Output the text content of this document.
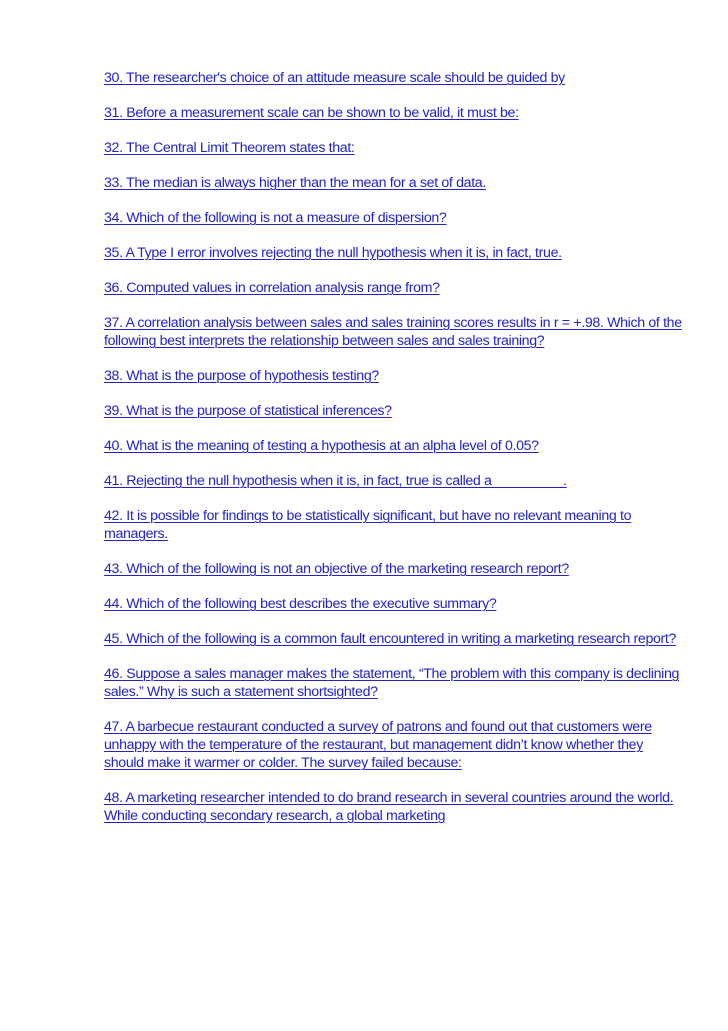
30. The researcher's choice of an attitude measure scale should be guided by
31. Before a measurement scale can be shown to be valid, it must be:
32. The Central Limit Theorem states that:
33. The median is always higher than the mean for a set of data.
34. Which of the following is not a measure of dispersion?
35. A Type I error involves rejecting the null hypothesis when it is, in fact, true.
36. Computed values in correlation analysis range from?
37. A correlation analysis between sales and sales training scores results in r = +.98. Which of the following best interprets the relationship between sales and sales training?
38. What is the purpose of hypothesis testing?
39. What is the purpose of statistical inferences?
40. What is the meaning of testing a hypothesis at an alpha level of 0.05?
41. Rejecting the null hypothesis when it is, in fact, true is called a _________.
42. It is possible for findings to be statistically significant, but have no relevant meaning to managers.
43. Which of the following is not an objective of the marketing research report?
44. Which of the following best describes the executive summary?
45. Which of the following is a common fault encountered in writing a marketing research report?
46. Suppose a sales manager makes the statement, “The problem with this company is declining sales.” Why is such a statement shortsighted?
47. A barbecue restaurant conducted a survey of patrons and found out that customers were unhappy with the temperature of the restaurant, but management didn’t know whether they should make it warmer or colder. The survey failed because:
48. A marketing researcher intended to do brand research in several countries around the world. While conducting secondary research, a global marketing
